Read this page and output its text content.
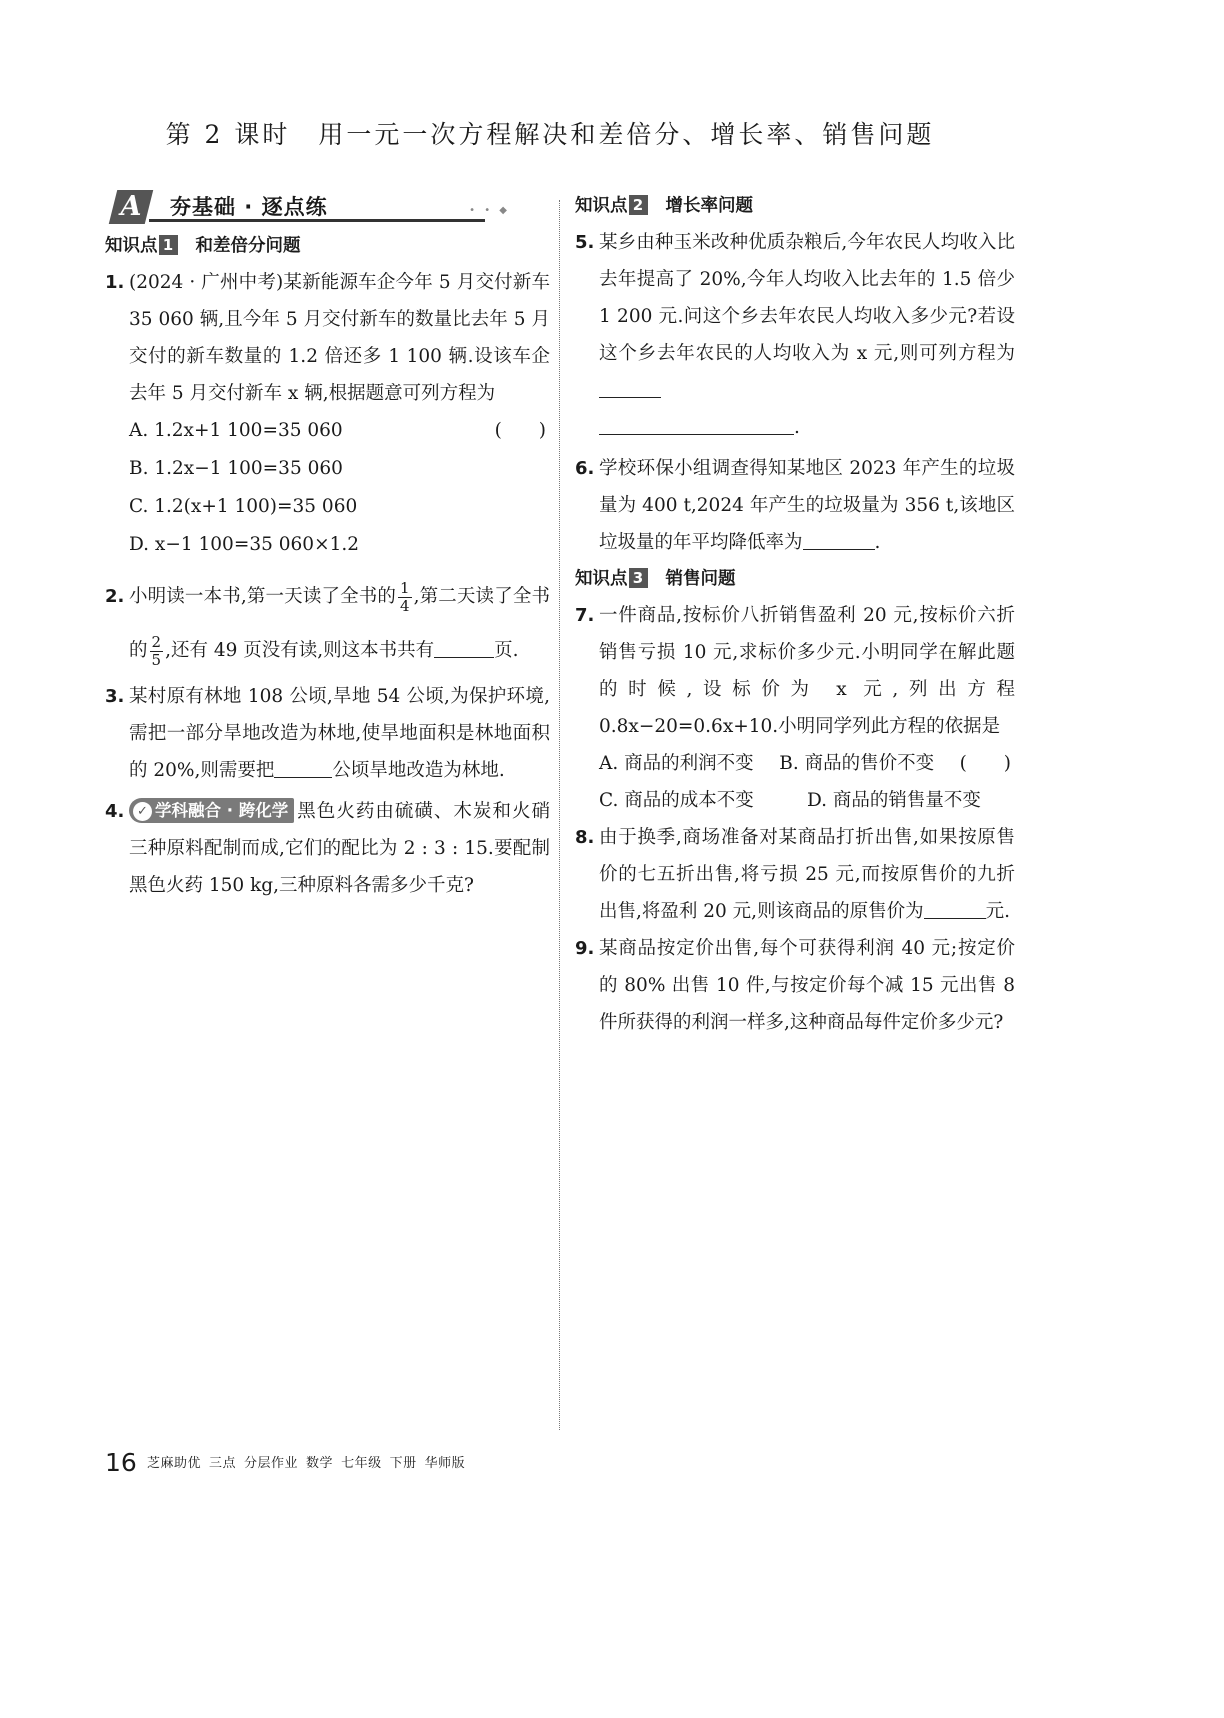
第 2 课时　用一元一次方程解决和差倍分、增长率、销售问题
A	夯基础 · 逐点练	• • ◆
知识点 1 和差倍分问题
1. (2024 · 广州中考)某新能源车企今年 5 月交付新车 35 060 辆,且今年 5 月交付新车的数量比去年 5 月交付的新车数量的 1.2 倍还多 1 100 辆.设该车企去年 5 月交付新车 x 辆,根据题意可列方程为
(　　)
A. 1.2x+1 100=35 060
B. 1.2x−1 100=35 060
C. 1.2(x+1 100)=35 060
D. x−1 100=35 060×1.2
2. 小明读一本书,第一天读了全书的 $\frac{1}{4}$ ,第二天读了全书的 $\frac{2}{5}$ ,还有 49 页没有读,则这本书共有	页.
3. 某村原有林地 108 公顷,旱地 54 公顷,为保护环境,需把一部分旱地改造为林地,使旱地面积是林地面积的 20%,则需要把	公顷旱地改造为林地.
4. ✓ 学科融合 · 跨化学 黑色火药由硫磺、木炭和火硝三种原料配制而成,它们的配比为 2 : 3 : 15.要配制黑色火药 150 kg,三种原料各需多少千克?
知识点 2 增长率问题
5. 某乡由种玉米改种优质杂粮后,今年农民人均收入比去年提高了 20%,今年人均收入比去年的 1.5 倍少 1 200 元.问这个乡去年农民人均收入多少元?若设这个乡去年农民的人均收入为 x 元,则可列方程为
.
6. 学校环保小组调查得知某地区 2023 年产生的垃圾量为 400 t,2024 年产生的垃圾量为 356 t,该地区垃圾量的年平均降低率为	.
知识点 3 销售问题
7. 一件商品,按标价八折销售盈利 20 元,按标价六折销售亏损 10 元,求标价多少元.小明同学在解此题的时候,设标价为 x 元,列出方程 0.8x−20=0.6x+10.小明同学列此方程的依据是
(　　)
A. 商品的利润不变	B. 商品的售价不变
C. 商品的成本不变	D. 商品的销售量不变
8. 由于换季,商场准备对某商品打折出售,如果按原售价的七五折出售,将亏损 25 元,而按原售价的九折出售,将盈利 20 元,则该商品的原售价为	元.
9. 某商品按定价出售,每个可获得利润 40 元;按定价的 80% 出售 10 件,与按定价每个减 15 元出售 8 件所获得的利润一样多,这种商品每件定价多少元?
16 芝麻助优 三点 分层作业 数学 七年级 下册 华师版
